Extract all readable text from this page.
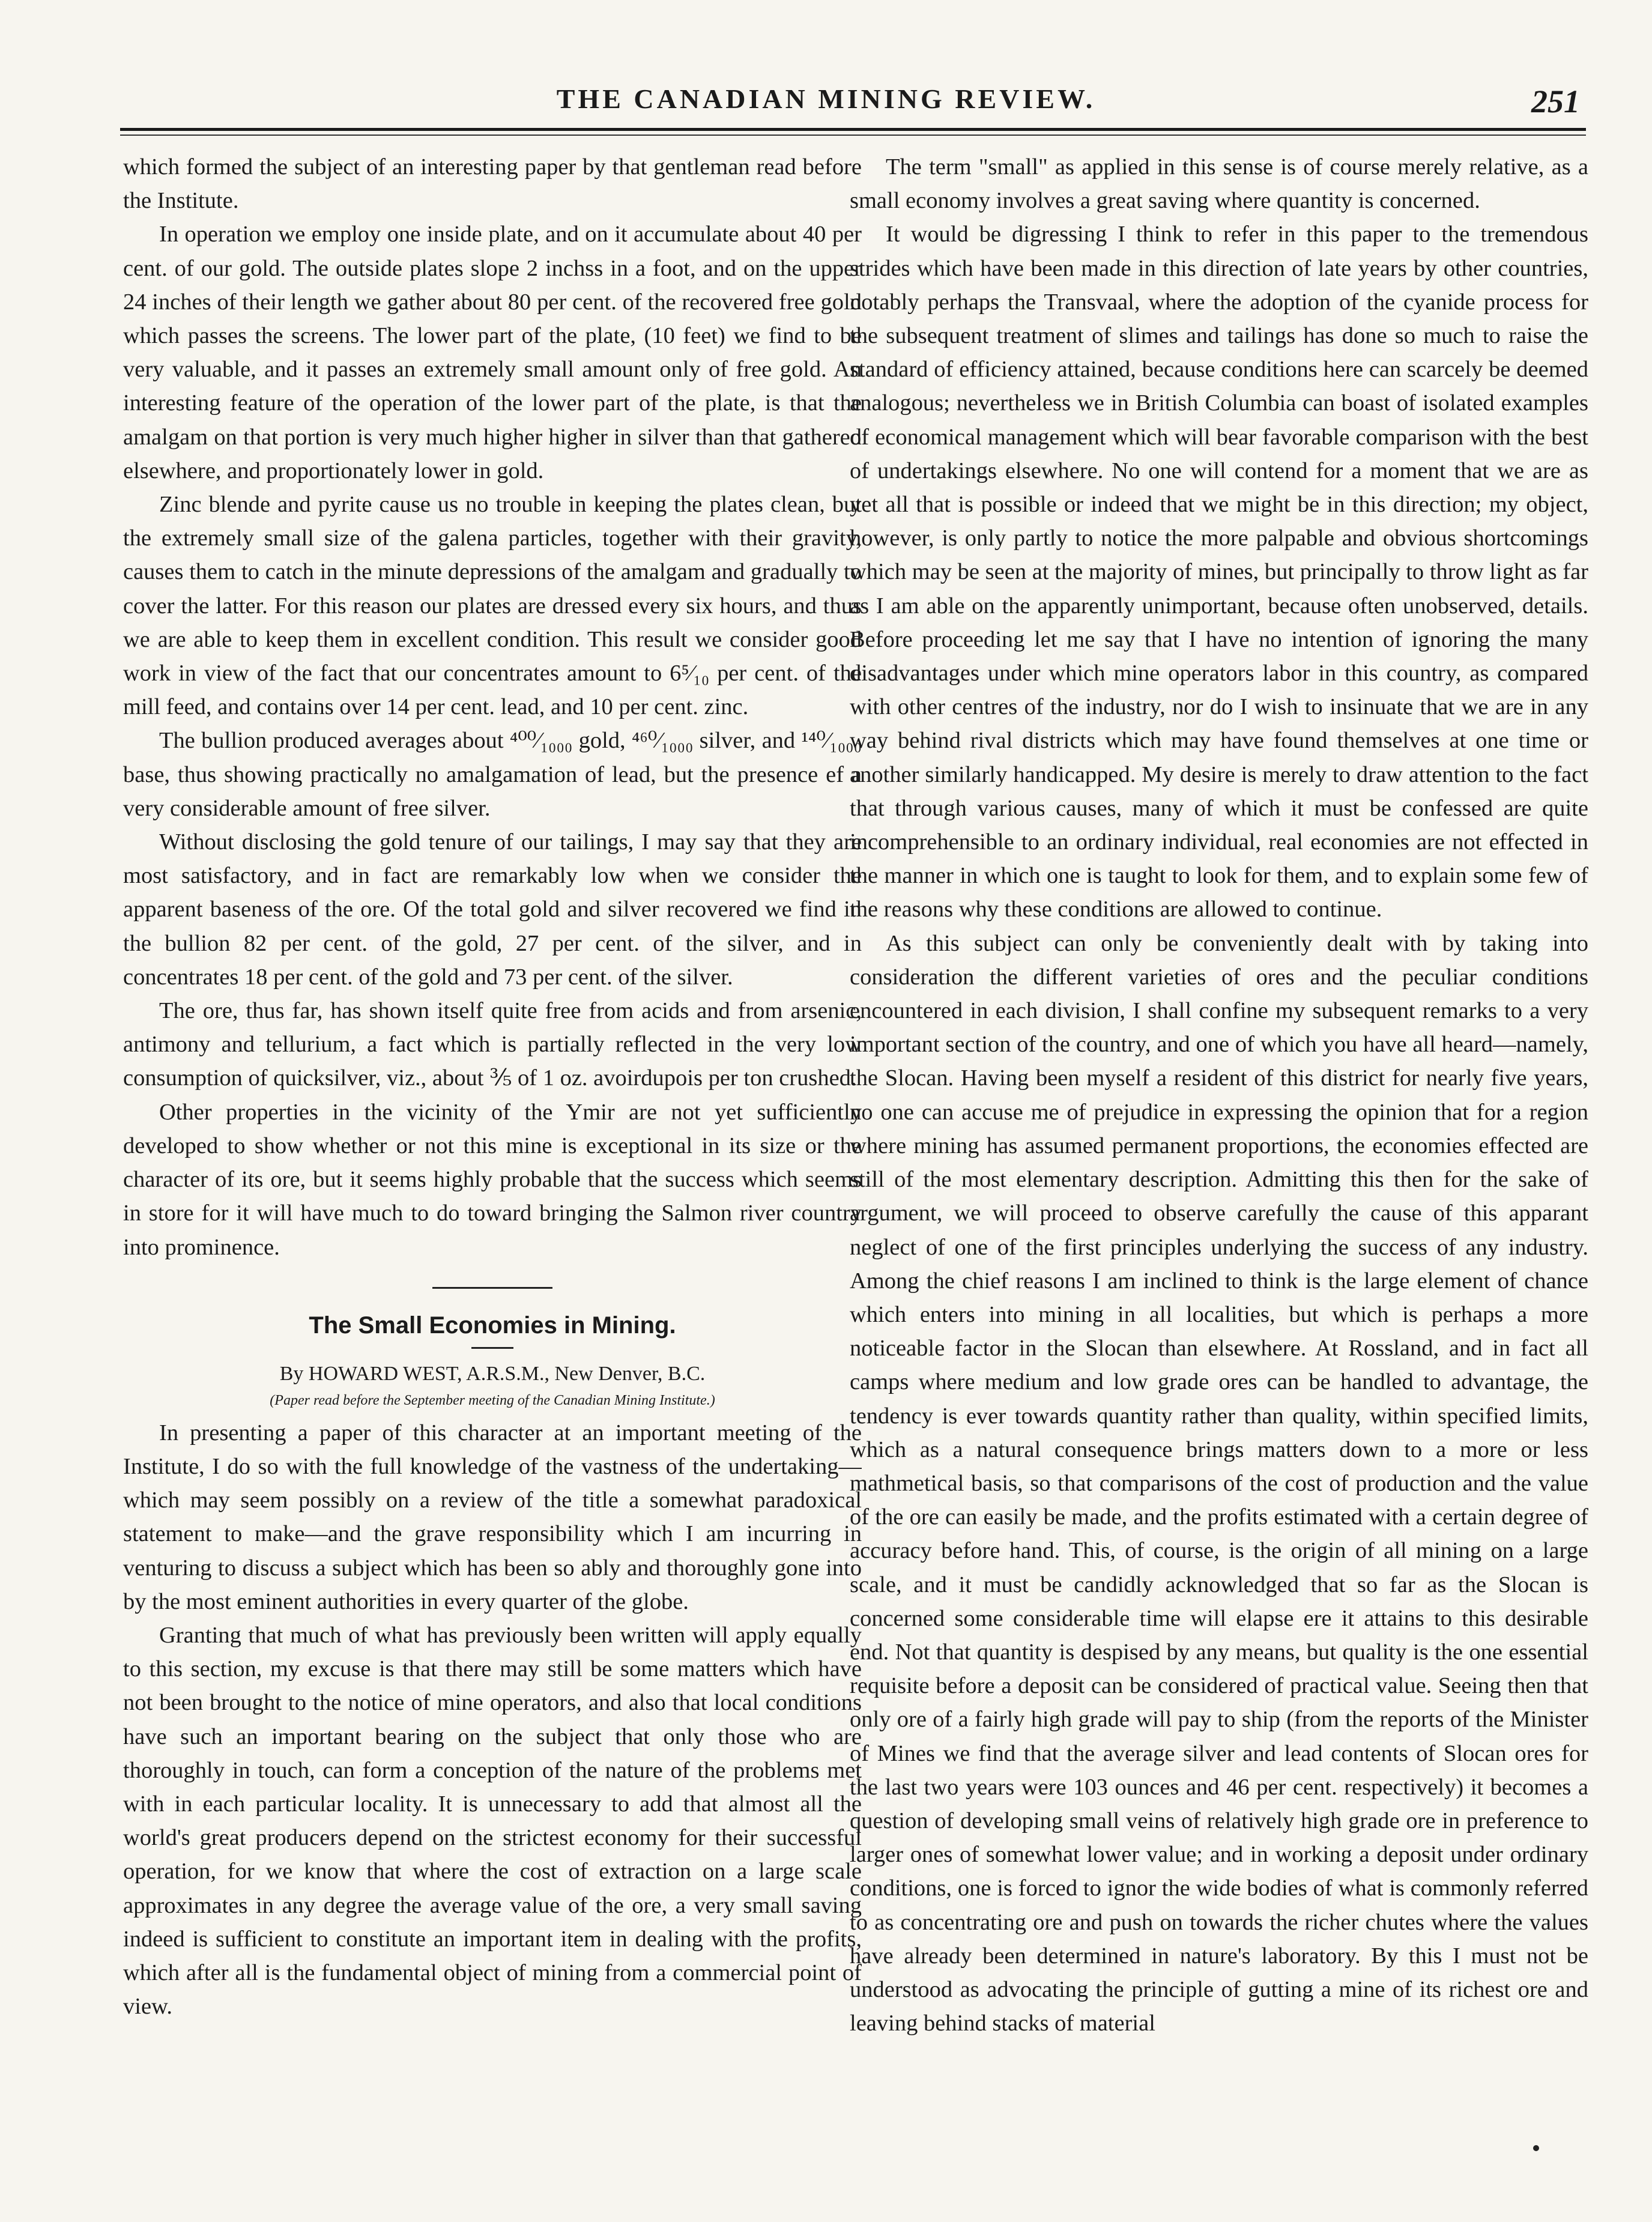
THE CANADIAN MINING REVIEW.	251

which formed the subject of an interesting paper by that gentleman read before the Institute.

In operation we employ one inside plate, and on it accumulate about 40 per cent. of our gold. The outside plates slope 2 inchss in a foot, and on the upper 24 inches of their length we gather about 80 per cent. of the recovered free gold which passes the screens. The lower part of the plate, (10 feet) we find to be very valuable, and it passes an extremely small amount only of free gold. An interesting feature of the operation of the lower part of the plate, is that the amalgam on that portion is very much higher higher in silver than that gathered elsewhere, and proportionately lower in gold.

Zinc blende and pyrite cause us no trouble in keeping the plates clean, but the extremely small size of the galena particles, together with their gravity, causes them to catch in the minute depressions of the amalgam and gradually to cover the latter. For this reason our plates are dressed every six hours, and thus we are able to keep them in excellent condition. This result we consider good work in view of the fact that our concentrates amount to 6⁵⁄₁₀ per cent. of the mill feed, and contains over 14 per cent. lead, and 10 per cent. zinc.

The bullion produced averages about ⁴⁰⁰⁄₁₀₀₀ gold, ⁴⁶⁰⁄₁₀₀₀ silver, and ¹⁴⁰⁄₁₀₀₀ base, thus showing practically no amalgamation of lead, but the presence ef a very considerable amount of free silver.

Without disclosing the gold tenure of our tailings, I may say that they are most satisfactory, and in fact are remarkably low when we consider the apparent baseness of the ore. Of the total gold and silver recovered we find in the bullion 82 per cent. of the gold, 27 per cent. of the silver, and in concentrates 18 per cent. of the gold and 73 per cent. of the silver.

The ore, thus far, has shown itself quite free from acids and from arsenic, antimony and tellurium, a fact which is partially reflected in the very low consumption of quicksilver, viz., about ⅗ of 1 oz. avoirdupois per ton crushed.

Other properties in the vicinity of the Ymir are not yet sufficiently developed to show whether or not this mine is exceptional in its size or the character of its ore, but it seems highly probable that the success which seems in store for it will have much to do toward bringing the Salmon river country into prominence.

The Small Economies in Mining.
By HOWARD WEST, A.R.S.M., New Denver, B.C.
(Paper read before the September meeting of the Canadian Mining Institute.)

In presenting a paper of this character at an important meeting of the Institute, I do so with the full knowledge of the vastness of the undertaking—which may seem possibly on a review of the title a somewhat paradoxical statement to make—and the grave responsibility which I am incurring in venturing to discuss a subject which has been so ably and thoroughly gone into by the most eminent authorities in every quarter of the globe.

Granting that much of what has previously been written will apply equally to this section, my excuse is that there may still be some matters which have not been brought to the notice of mine operators, and also that local conditions have such an important bearing on the subject that only those who are thoroughly in touch, can form a conception of the nature of the problems met with in each particular locality. It is unnecessary to add that almost all the world's great producers depend on the strictest economy for their successful operation, for we know that where the cost of extraction on a large scale approximates in any degree the average value of the ore, a very small saving indeed is sufficient to constitute an important item in dealing with the profits, which after all is the fundamental object of mining from a commercial point of view.

The term "small" as applied in this sense is of course merely relative, as a small economy involves a great saving where quantity is concerned.

It would be digressing I think to refer in this paper to the tremendous strides which have been made in this direction of late years by other countries, notably perhaps the Transvaal, where the adoption of the cyanide process for the subsequent treatment of slimes and tailings has done so much to raise the standard of efficiency attained, because conditions here can scarcely be deemed analogous; nevertheless we in British Columbia can boast of isolated examples of economical management which will bear favorable comparison with the best of undertakings elsewhere. No one will contend for a moment that we are as yet all that is possible or indeed that we might be in this direction; my object, however, is only partly to notice the more palpable and obvious shortcomings which may be seen at the majority of mines, but principally to throw light as far as I am able on the apparently unimportant, because often unobserved, details. Before proceeding let me say that I have no intention of ignoring the many disadvantages under which mine operators labor in this country, as compared with other centres of the industry, nor do I wish to insinuate that we are in any way behind rival districts which may have found themselves at one time or another similarly handicapped. My desire is merely to draw attention to the fact that through various causes, many of which it must be confessed are quite incomprehensible to an ordinary individual, real economies are not effected in the manner in which one is taught to look for them, and to explain some few of the reasons why these conditions are allowed to continue.

As this subject can only be conveniently dealt with by taking into consideration the different varieties of ores and the peculiar conditions encountered in each division, I shall confine my subsequent remarks to a very important section of the country, and one of which you have all heard—namely, the Slocan. Having been myself a resident of this district for nearly five years, no one can accuse me of prejudice in expressing the opinion that for a region where mining has assumed permanent proportions, the economies effected are still of the most elementary description. Admitting this then for the sake of argument, we will proceed to observe carefully the cause of this apparant neglect of one of the first principles underlying the success of any industry. Among the chief reasons I am inclined to think is the large element of chance which enters into mining in all localities, but which is perhaps a more noticeable factor in the Slocan than elsewhere. At Rossland, and in fact all camps where medium and low grade ores can be handled to advantage, the tendency is ever towards quantity rather than quality, within specified limits, which as a natural consequence brings matters down to a more or less mathmetical basis, so that comparisons of the cost of production and the value of the ore can easily be made, and the profits estimated with a certain degree of accuracy before hand. This, of course, is the origin of all mining on a large scale, and it must be candidly acknowledged that so far as the Slocan is concerned some considerable time will elapse ere it attains to this desirable end. Not that quantity is despised by any means, but quality is the one essential requisite before a deposit can be considered of practical value. Seeing then that only ore of a fairly high grade will pay to ship (from the reports of the Minister of Mines we find that the average silver and lead contents of Slocan ores for the last two years were 103 ounces and 46 per cent. respectively) it becomes a question of developing small veins of relatively high grade ore in preference to larger ones of somewhat lower value; and in working a deposit under ordinary conditions, one is forced to ignor the wide bodies of what is commonly referred to as concentrating ore and push on towards the richer chutes where the values have already been determined in nature's laboratory. By this I must not be understood as advocating the principle of gutting a mine of its richest ore and leaving behind stacks of material
